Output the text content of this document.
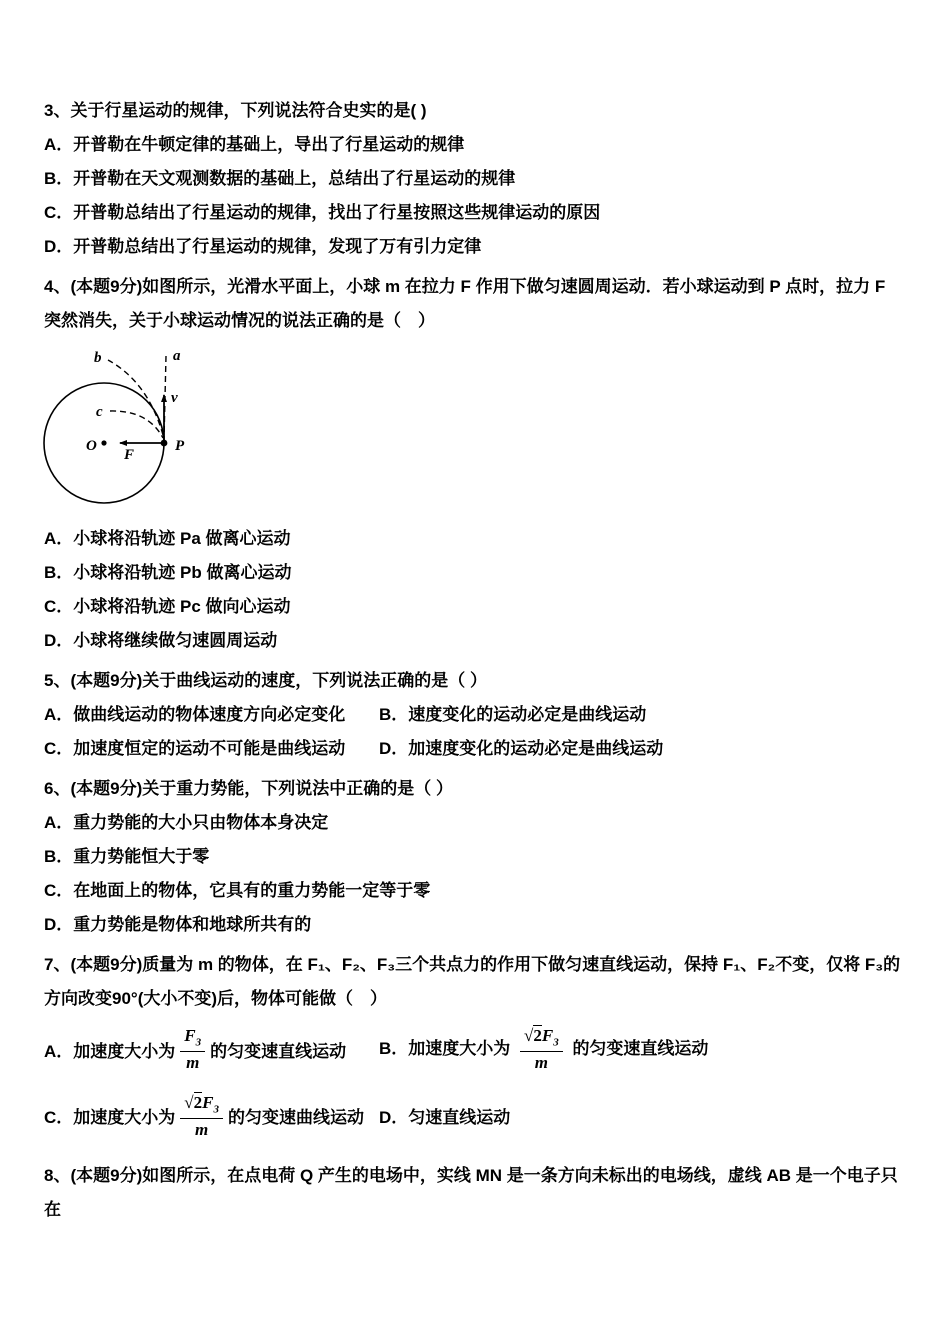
3、关于行星运动的规律，下列说法符合史实的是( )
A．开普勒在牛顿定律的基础上，导出了行星运动的规律
B．开普勒在天文观测数据的基础上，总结出了行星运动的规律
C．开普勒总结出了行星运动的规律，找出了行星按照这些规律运动的原因
D．开普勒总结出了行星运动的规律，发现了万有引力定律
4、(本题9分)如图所示，光滑水平面上，小球 m 在拉力 F 作用下做匀速圆周运动．若小球运动到 P 点时，拉力 F 突然消失，关于小球运动情况的说法正确的是（　）
a
b
c
v
F
O	P
A．小球将沿轨迹 Pa 做离心运动
B．小球将沿轨迹 Pb 做离心运动
C．小球将沿轨迹 Pc 做向心运动
D．小球将继续做匀速圆周运动
5、(本题9分)关于曲线运动的速度，下列说法正确的是（ ）
A．做曲线运动的物体速度方向必定变化	B．速度变化的运动必定是曲线运动
C．加速度恒定的运动不可能是曲线运动	D．加速度变化的运动必定是曲线运动
6、(本题9分)关于重力势能，下列说法中正确的是（ ）
A．重力势能的大小只由物体本身决定
B．重力势能恒大于零
C．在地面上的物体，它具有的重力势能一定等于零
D．重力势能是物体和地球所共有的
7、(本题9分)质量为 m 的物体，在 F₁、F₂、F₃三个共点力的作用下做匀速直线运动，保持 F₁、F₂不变，仅将 F₃的方向改变90°(大小不变)后，物体可能做（　）
A． 加速度大小为 $\frac{F_3}{m}$ 的匀变速直线运动 B．加速度大小为 $\frac{√2F_3}{m}$ 的匀变速直线运动
C． 加速度大小为 $\frac{√2F_3}{m}$ 的匀变速曲线运动 D．匀速直线运动
8、(本题9分)如图所示，在点电荷 Q 产生的电场中，实线 MN 是一条方向未标出的电场线，虚线 AB 是一个电子只在
